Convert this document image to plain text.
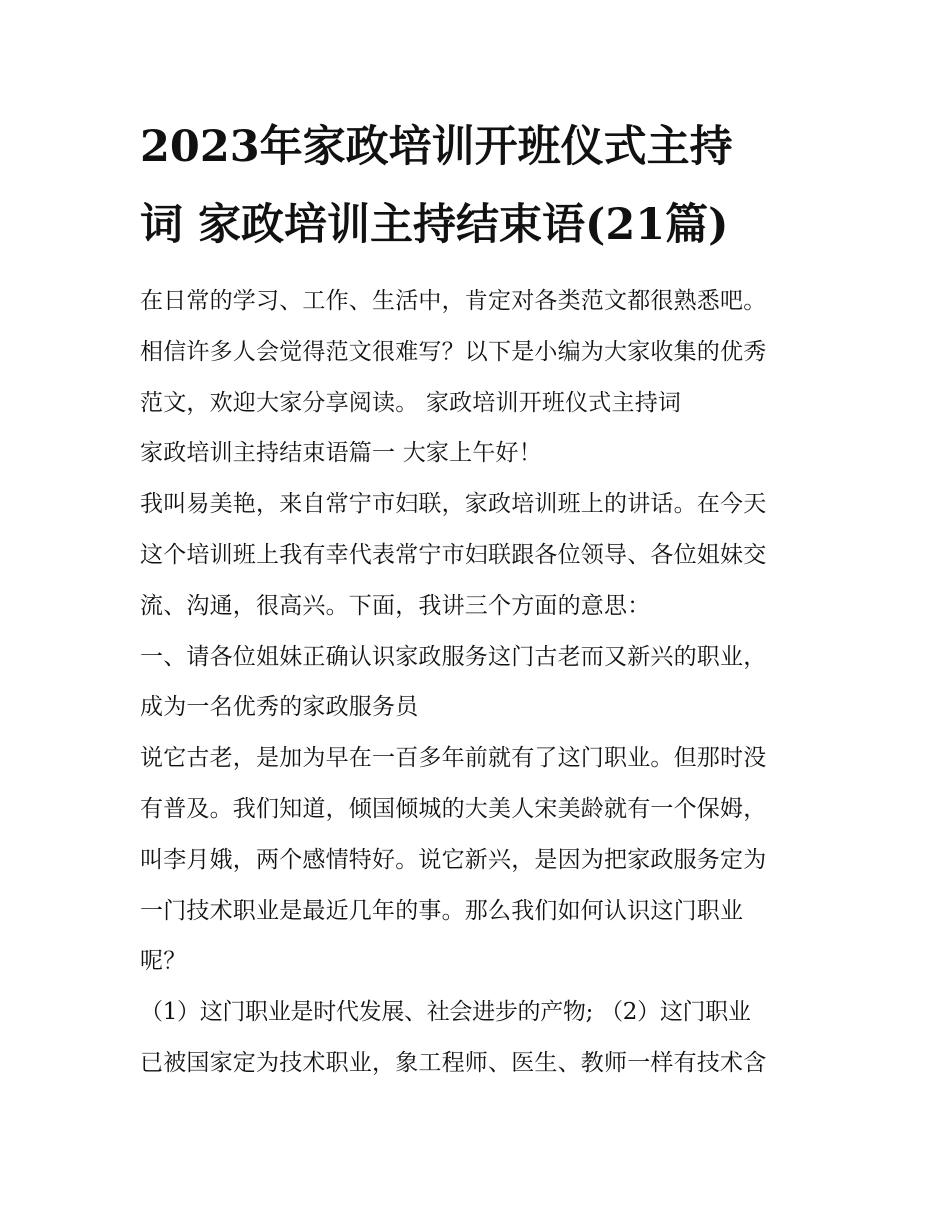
2023年家政培训开班仪式主持
词 家政培训主持结束语(21篇)
在日常的学习、工作、生活中，肯定对各类范文都很熟悉吧。
相信许多人会觉得范文很难写？以下是小编为大家收集的优秀
范文，欢迎大家分享阅读。 家政培训开班仪式主持词
家政培训主持结束语篇一 大家上午好！
我叫易美艳，来自常宁市妇联，家政培训班上的讲话。在今天
这个培训班上我有幸代表常宁市妇联跟各位领导、各位姐妹交
流、沟通，很高兴。下面，我讲三个方面的意思：
一、请各位姐妹正确认识家政服务这门古老而又新兴的职业，
成为一名优秀的家政服务员
说它古老，是加为早在一百多年前就有了这门职业。但那时没
有普及。我们知道，倾国倾城的大美人宋美龄就有一个保姆，
叫李月娥，两个感情特好。说它新兴，是因为把家政服务定为
一门技术职业是最近几年的事。那么我们如何认识这门职业
呢？
（1）这门职业是时代发展、社会进步的产物; （2）这门职业
已被国家定为技术职业，象工程师、医生、教师一样有技术含
